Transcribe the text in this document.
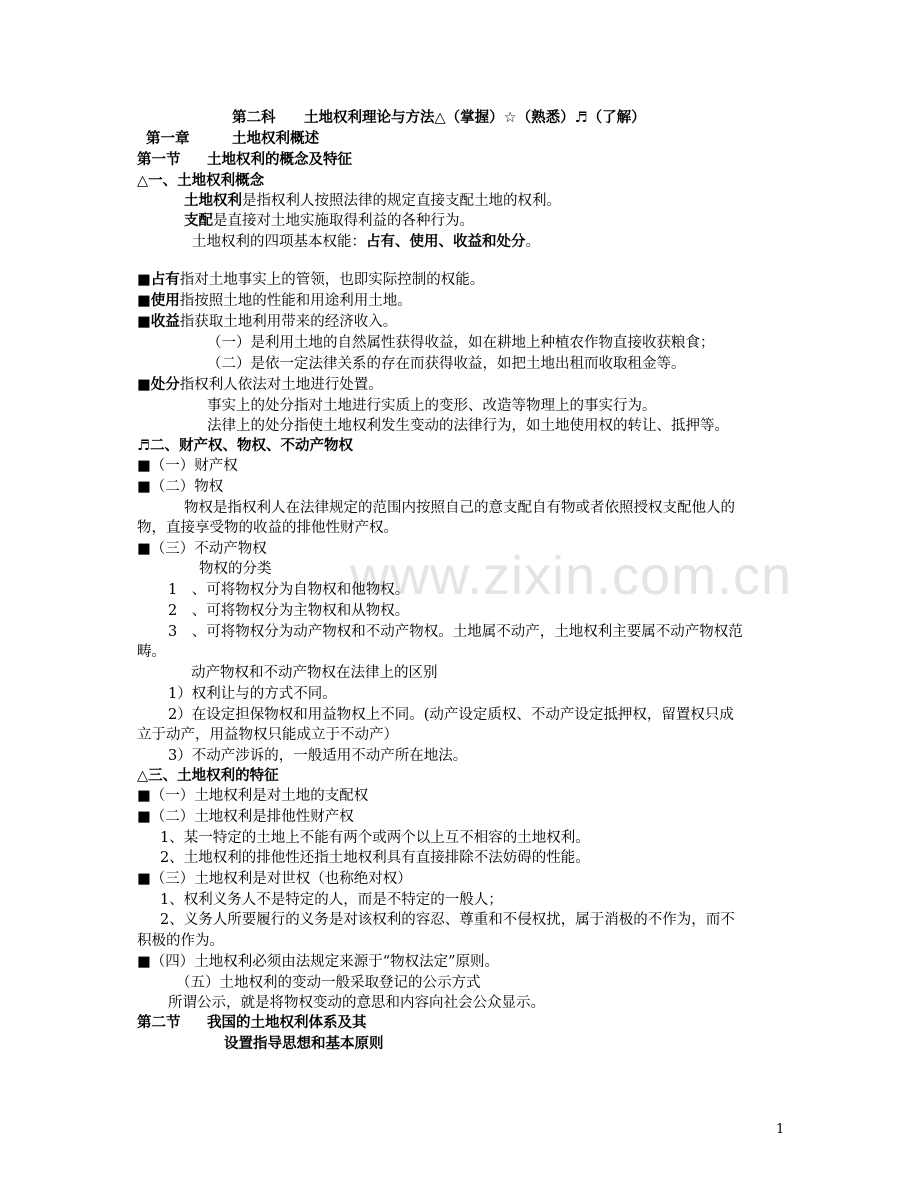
www.zixin.com.cn
第二科 土地权利理论与方法△（掌握）☆（熟悉）♬（了解）
第一章	土地权利概述
第一节 土地权利的概念及特征
△一、土地权利概念
土地权利是指权利人按照法律的规定直接支配土地的权利。
支配是直接对土地实施取得利益的各种行为。
土地权利的四项基本权能：占有、使用、收益和处分。
■占有指对土地事实上的管领，也即实际控制的权能。
■使用指按照土地的性能和用途利用土地。
■收益指获取土地利用带来的经济收入。
（一）是利用土地的自然属性获得收益，如在耕地上种植农作物直接收获粮食；
（二）是依一定法律关系的存在而获得收益，如把土地出租而收取租金等。
■处分指权利人依法对土地进行处置。
事实上的处分指对土地进行实质上的变形、改造等物理上的事实行为。
法律上的处分指使土地权利发生变动的法律行为，如土地使用权的转让、抵押等。
♬二、财产权、物权、不动产物权
■（一）财产权
■（二）物权
物权是指权利人在法律规定的范围内按照自己的意支配自有物或者依照授权支配他人的
物，直接享受物的收益的排他性财产权。
■（三）不动产物权
物权的分类
1　、可将物权分为自物权和他物权。
2　、可将物权分为主物权和从物权。
3　、可将物权分为动产物权和不动产物权。土地属不动产，土地权利主要属不动产物权范
畴。
动产物权和不动产物权在法律上的区别
1）权利让与的方式不同。
2）在设定担保物权和用益物权上不同。(动产设定质权、不动产设定抵押权，留置权只成
立于动产，用益物权只能成立于不动产）
3）不动产涉诉的，一般适用不动产所在地法。
△三、土地权利的特征
■（一）土地权利是对土地的支配权
■（二）土地权利是排他性财产权
1、某一特定的土地上不能有两个或两个以上互不相容的土地权利。
2、土地权利的排他性还指土地权利具有直接排除不法妨碍的性能。
■（三）土地权利是对世权（也称绝对权）
1、权利义务人不是特定的人，而是不特定的一般人；
2、义务人所要履行的义务是对该权利的容忍、尊重和不侵权扰，属于消极的不作为，而不
积极的作为。
■（四）土地权利必须由法规定来源于“物权法定”原则。
（五）土地权利的变动一般采取登记的公示方式
所谓公示，就是将物权变动的意思和内容向社会公众显示。
第二节 我国的土地权利体系及其
设置指导思想和基本原则
1
